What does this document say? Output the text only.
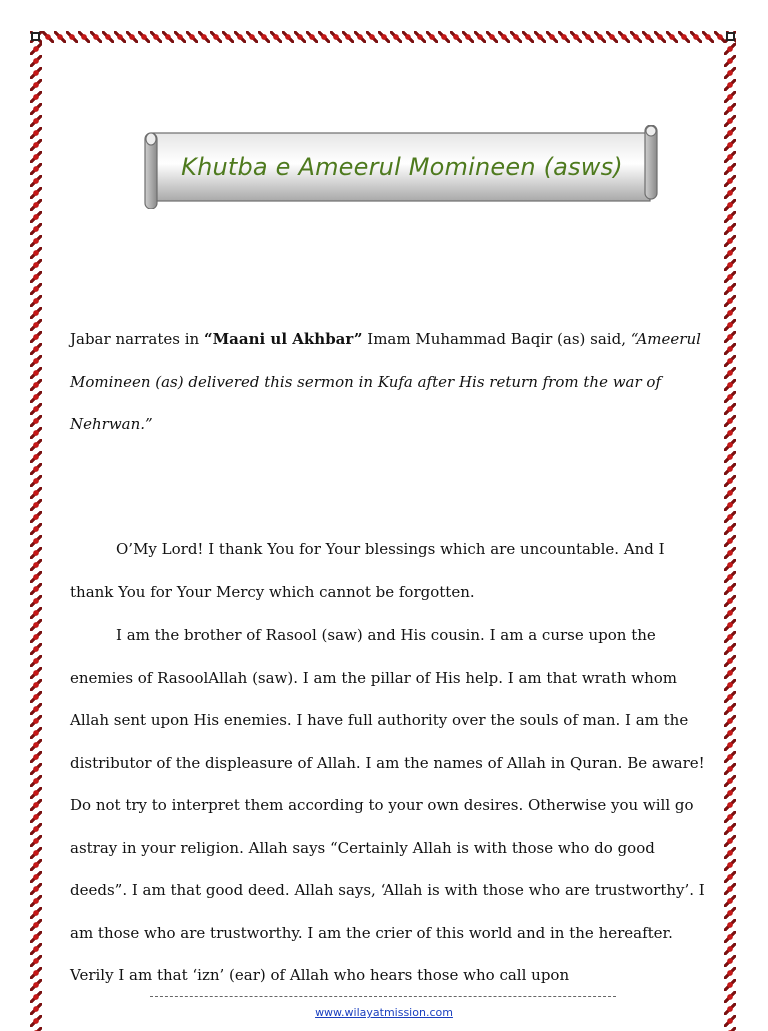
Khutba e Ameerul Momineen (asws)

Jabar narrates in “Maani ul Akhbar” Imam Muhammad Baqir (as) said, “Ameerul Momineen (as) delivered this sermon in Kufa after His return from the war of Nehrwan.”

O’My Lord! I thank You for Your blessings which are uncountable. And I thank You for Your Mercy which cannot be forgotten.

I am the brother of Rasool (saw) and His cousin. I am a curse upon the enemies of RasoolAllah (saw). I am the pillar of His help. I am that wrath whom Allah sent upon His enemies. I have full authority over the souls of man. I am the distributor of the displeasure of Allah. I am the names of Allah in Quran. Be aware! Do not try to interpret them according to your own desires. Otherwise you will go astray in your religion. Allah says “Certainly Allah is with those who do good deeds”. I am that good deed. Allah says, ‘Allah is with those who are trustworthy’. I am those who are trustworthy. I am the crier of this world and in the hereafter. Verily I am that ‘izn’ (ear) of Allah who hears those who call upon

www.wilayatmission.com
